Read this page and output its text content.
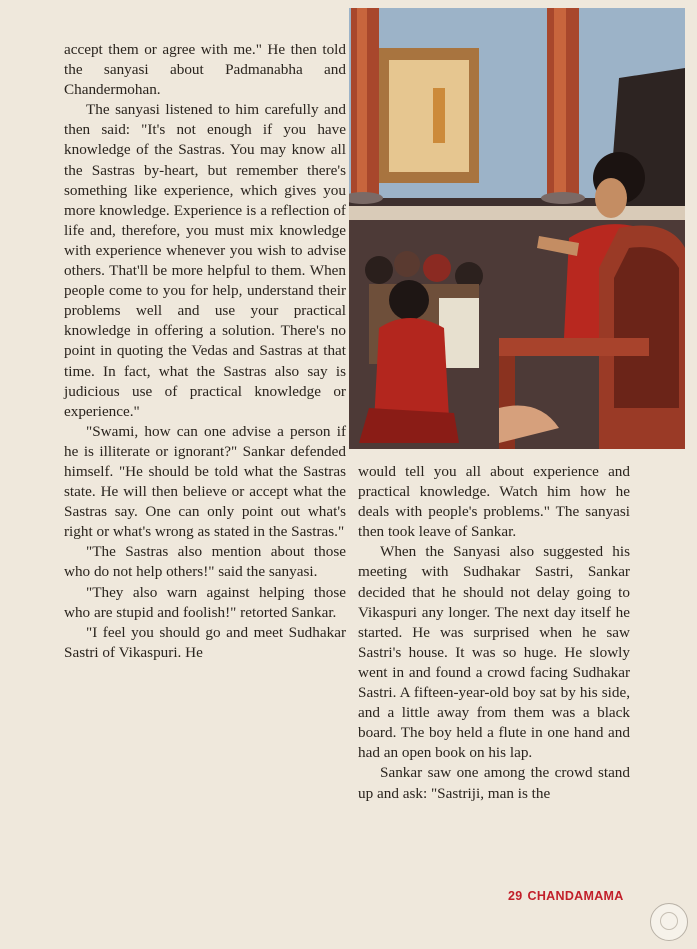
accept them or agree with me." He then told the sanyasi about Padmanabha and Chandermohan.

The sanyasi listened to him carefully and then said: "It's not enough if you have knowledge of the Sastras. You may know all the Sastras by-heart, but remember there's something like experience, which gives you more knowledge. Experience is a reflection of life and, therefore, you must mix knowledge with experience whenever you wish to advise others. That'll be more helpful to them. When people come to you for help, understand their problems well and use your practical knowledge in offering a solution. There's no point in quoting the Vedas and Sastras at that time. In fact, what the Sastras also say is judicious use of practical knowledge or experience."

"Swami, how can one advise a person if he is illiterate or ignorant?" Sankar defended himself. "He should be told what the Sastras state. He will then believe or accept what the Sastras say. One can only point out what's right or what's wrong as stated in the Sastras."

"The Sastras also mention about those who do not help others!" said the sanyasi.

"They also warn against helping those who are stupid and foolish!" retorted Sankar.

"I feel you should go and meet Sudhakar Sastri of Vikaspuri. He

would tell you all about experience and practical knowledge. Watch him how he deals with people's problems." The sanyasi then took leave of Sankar.

When the Sanyasi also suggested his meeting with Sudhakar Sastri, Sankar decided that he should not delay going to Vikaspuri any longer. The next day itself he started. He was surprised when he saw Sastri's house. It was so huge. He slowly went in and found a crowd facing Sudhakar Sastri. A fifteen-year-old boy sat by his side, and a little away from them was a black board. The boy held a flute in one hand and had an open book on his lap.

Sankar saw one among the crowd stand up and ask: "Sastriji, man is the

29 CHANDAMAMA
